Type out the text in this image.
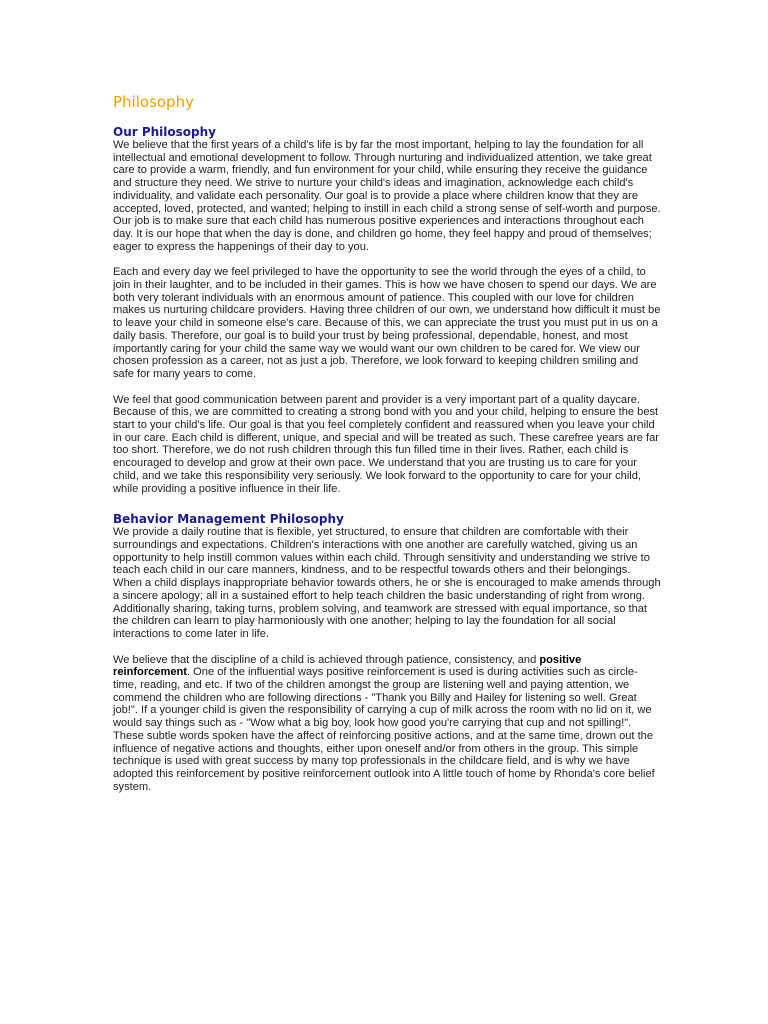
Philosophy
Our Philosophy

We believe that the first years of a child's life is by far the most important, helping to lay the foundation for all intellectual and emotional development to follow. Through nurturing and individualized attention, we take great care to provide a warm, friendly, and fun environment for your child, while ensuring they receive the guidance and structure they need. We strive to nurture your child's ideas and imagination, acknowledge each child's individuality, and validate each personality. Our goal is to provide a place where children know that they are accepted, loved, protected, and wanted; helping to instill in each child a strong sense of self-worth and purpose. Our job is to make sure that each child has numerous positive experiences and interactions throughout each day. It is our hope that when the day is done, and children go home, they feel happy and proud of themselves; eager to express the happenings of their day to you.

Each and every day we feel privileged to have the opportunity to see the world through the eyes of a child, to join in their laughter, and to be included in their games. This is how we have chosen to spend our days. We are both very tolerant individuals with an enormous amount of patience. This coupled with our love for children makes us nurturing childcare providers. Having three children of our own, we understand how difficult it must be to leave your child in someone else's care. Because of this, we can appreciate the trust you must put in us on a daily basis. Therefore, our goal is to build your trust by being professional, dependable, honest, and most importantly caring for your child the same way we would want our own children to be cared for. We view our chosen profession as a career, not as just a job. Therefore, we look forward to keeping children smiling and safe for many years to come.

We feel that good communication between parent and provider is a very important part of a quality daycare. Because of this, we are committed to creating a strong bond with you and your child, helping to ensure the best start to your child's life. Our goal is that you feel completely confident and reassured when you leave your child in our care. Each child is different, unique, and special and will be treated as such. These carefree years are far too short. Therefore, we do not rush children through this fun filled time in their lives. Rather, each child is encouraged to develop and grow at their own pace. We understand that you are trusting us to care for your child, and we take this responsibility very seriously. We look forward to the opportunity to care for your child, while providing a positive influence in their life.

Behavior Management Philosophy

We provide a daily routine that is flexible, yet structured, to ensure that children are comfortable with their surroundings and expectations. Children's interactions with one another are carefully watched, giving us an opportunity to help instill common values within each child. Through sensitivity and understanding we strive to teach each child in our care manners, kindness, and to be respectful towards others and their belongings. When a child displays inappropriate behavior towards others, he or she is encouraged to make amends through a sincere apology; all in a sustained effort to help teach children the basic understanding of right from wrong. Additionally sharing, taking turns, problem solving, and teamwork are stressed with equal importance, so that the children can learn to play harmoniously with one another; helping to lay the foundation for all social interactions to come later in life.

We believe that the discipline of a child is achieved through patience, consistency, and positive reinforcement. One of the influential ways positive reinforcement is used is during activities such as circle-time, reading, and etc. If two of the children amongst the group are listening well and paying attention, we commend the children who are following directions - "Thank you Billy and Hailey for listening so well. Great job!". If a younger child is given the responsibility of carrying a cup of milk across the room with no lid on it, we would say things such as - "Wow what a big boy, look how good you're carrying that cup and not spilling!". These subtle words spoken have the affect of reinforcing positive actions, and at the same time, drown out the influence of negative actions and thoughts, either upon oneself and/or from others in the group. This simple technique is used with great success by many top professionals in the childcare field, and is why we have adopted this reinforcement by positive reinforcement outlook into A little touch of home by Rhonda's core belief system.
